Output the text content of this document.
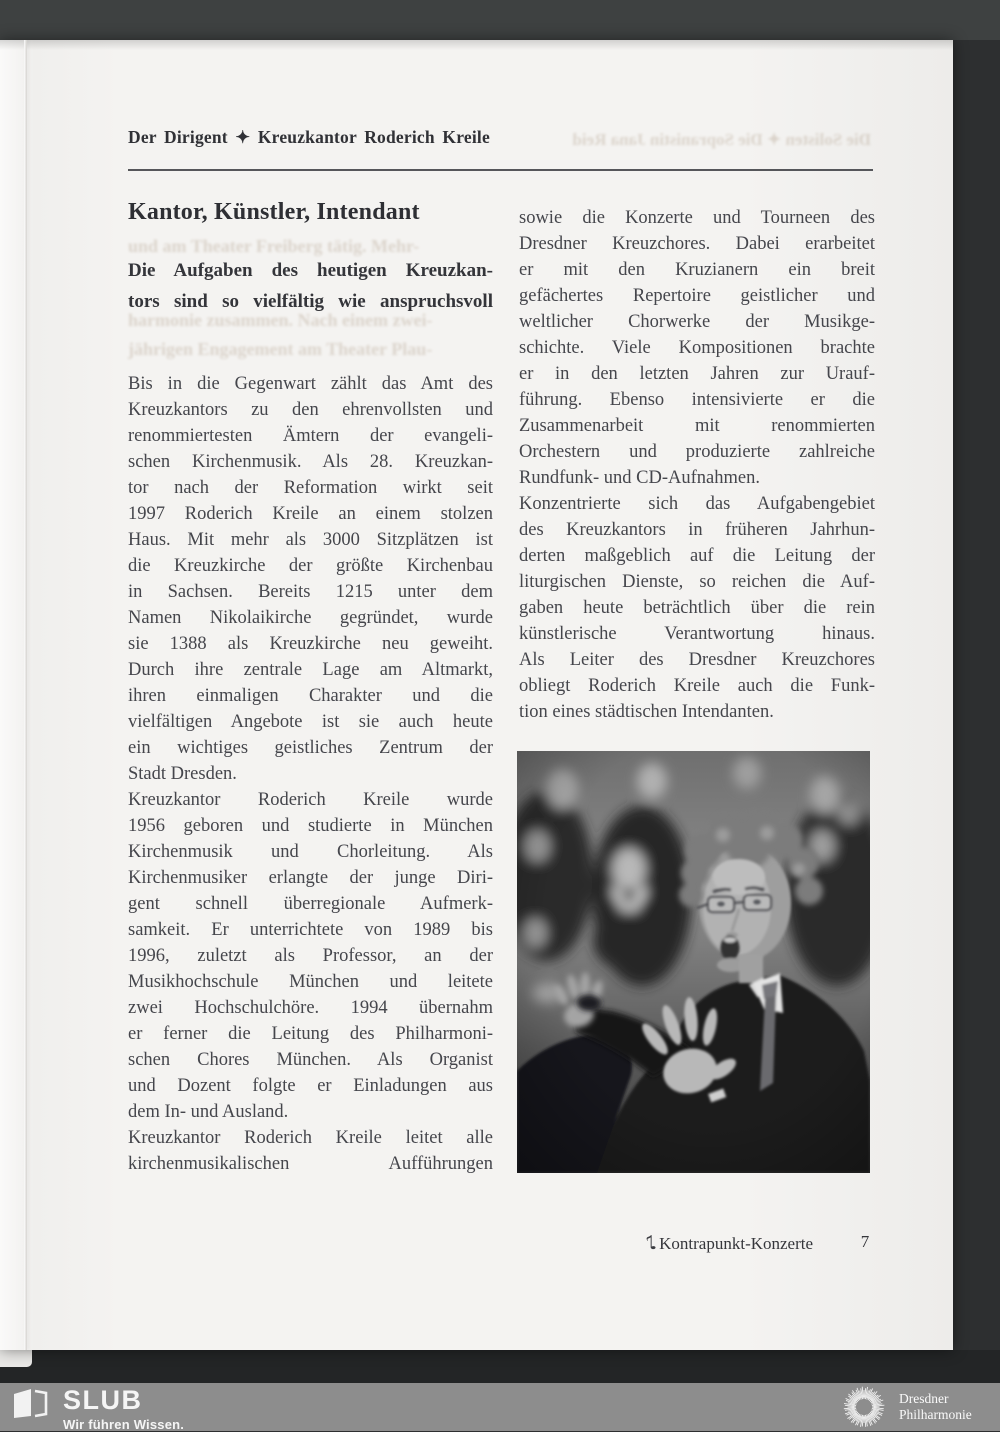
Die Solisten ✦ Die Sopranistin Jana Reid
und am Theater Freiberg tätig. Mehr-
harmonie zusammen. Nach einem zwei-
jährigen Engagement am Theater Plau-
Der Dirigent ✦ Kreuzkantor Roderich Kreile
Kantor, Künstler, Intendant
Die Aufgaben des heutigen Kreuzkan-
tors sind so vielfältig wie anspruchsvoll
Bis in die Gegenwart zählt das Amt des
Kreuzkantors zu den ehrenvollsten und
renommiertesten Ämtern der evangeli-
schen Kirchenmusik. Als 28. Kreuzkan-
tor nach der Reformation wirkt seit
1997 Roderich Kreile an einem stolzen
Haus. Mit mehr als 3000 Sitzplätzen ist
die Kreuzkirche der größte Kirchenbau
in Sachsen. Bereits 1215 unter dem
Namen Nikolaikirche gegründet, wurde
sie 1388 als Kreuzkirche neu geweiht.
Durch ihre zentrale Lage am Altmarkt,
ihren einmaligen Charakter und die
vielfältigen Angebote ist sie auch heute
ein wichtiges geistliches Zentrum der
Stadt Dresden.
Kreuzkantor Roderich Kreile wurde
1956 geboren und studierte in München
Kirchenmusik und Chorleitung. Als
Kirchenmusiker erlangte der junge Diri-
gent schnell überregionale Aufmerk-
samkeit. Er unterrichtete von 1989 bis
1996, zuletzt als Professor, an der
Musikhochschule München und leitete
zwei Hochschulchöre. 1994 übernahm
er ferner die Leitung des Philharmoni-
schen Chores München. Als Organist
und Dozent folgte er Einladungen aus
dem In- und Ausland.
Kreuzkantor Roderich Kreile leitet alle
kirchenmusikalischen Aufführungen
sowie die Konzerte und Tourneen des
Dresdner Kreuzchores. Dabei erarbeitet
er mit den Kruzianern ein breit
gefächertes Repertoire geistlicher und
weltlicher Chorwerke der Musikge-
schichte. Viele Kompositionen brachte
er in den letzten Jahren zur Urauf-
führung. Ebenso intensivierte er die
Zusammenarbeit mit renommierten
Orchestern und produzierte zahlreiche
Rundfunk- und CD-Aufnahmen.
Konzentrierte sich das Aufgabengebiet
des Kreuzkantors in früheren Jahrhun-
derten maßgeblich auf die Leitung der
liturgischen Dienste, so reichen die Auf-
gaben heute beträchtlich über die rein
künstlerische Verantwortung hinaus.
Als Leiter des Dresdner Kreuzchores
obliegt Roderich Kreile auch die Funk-
tion eines städtischen Intendanten.
♪ Kontrapunkt-Konzerte	7
SLUB
Wir führen Wissen.
Dresdner
Philharmonie
